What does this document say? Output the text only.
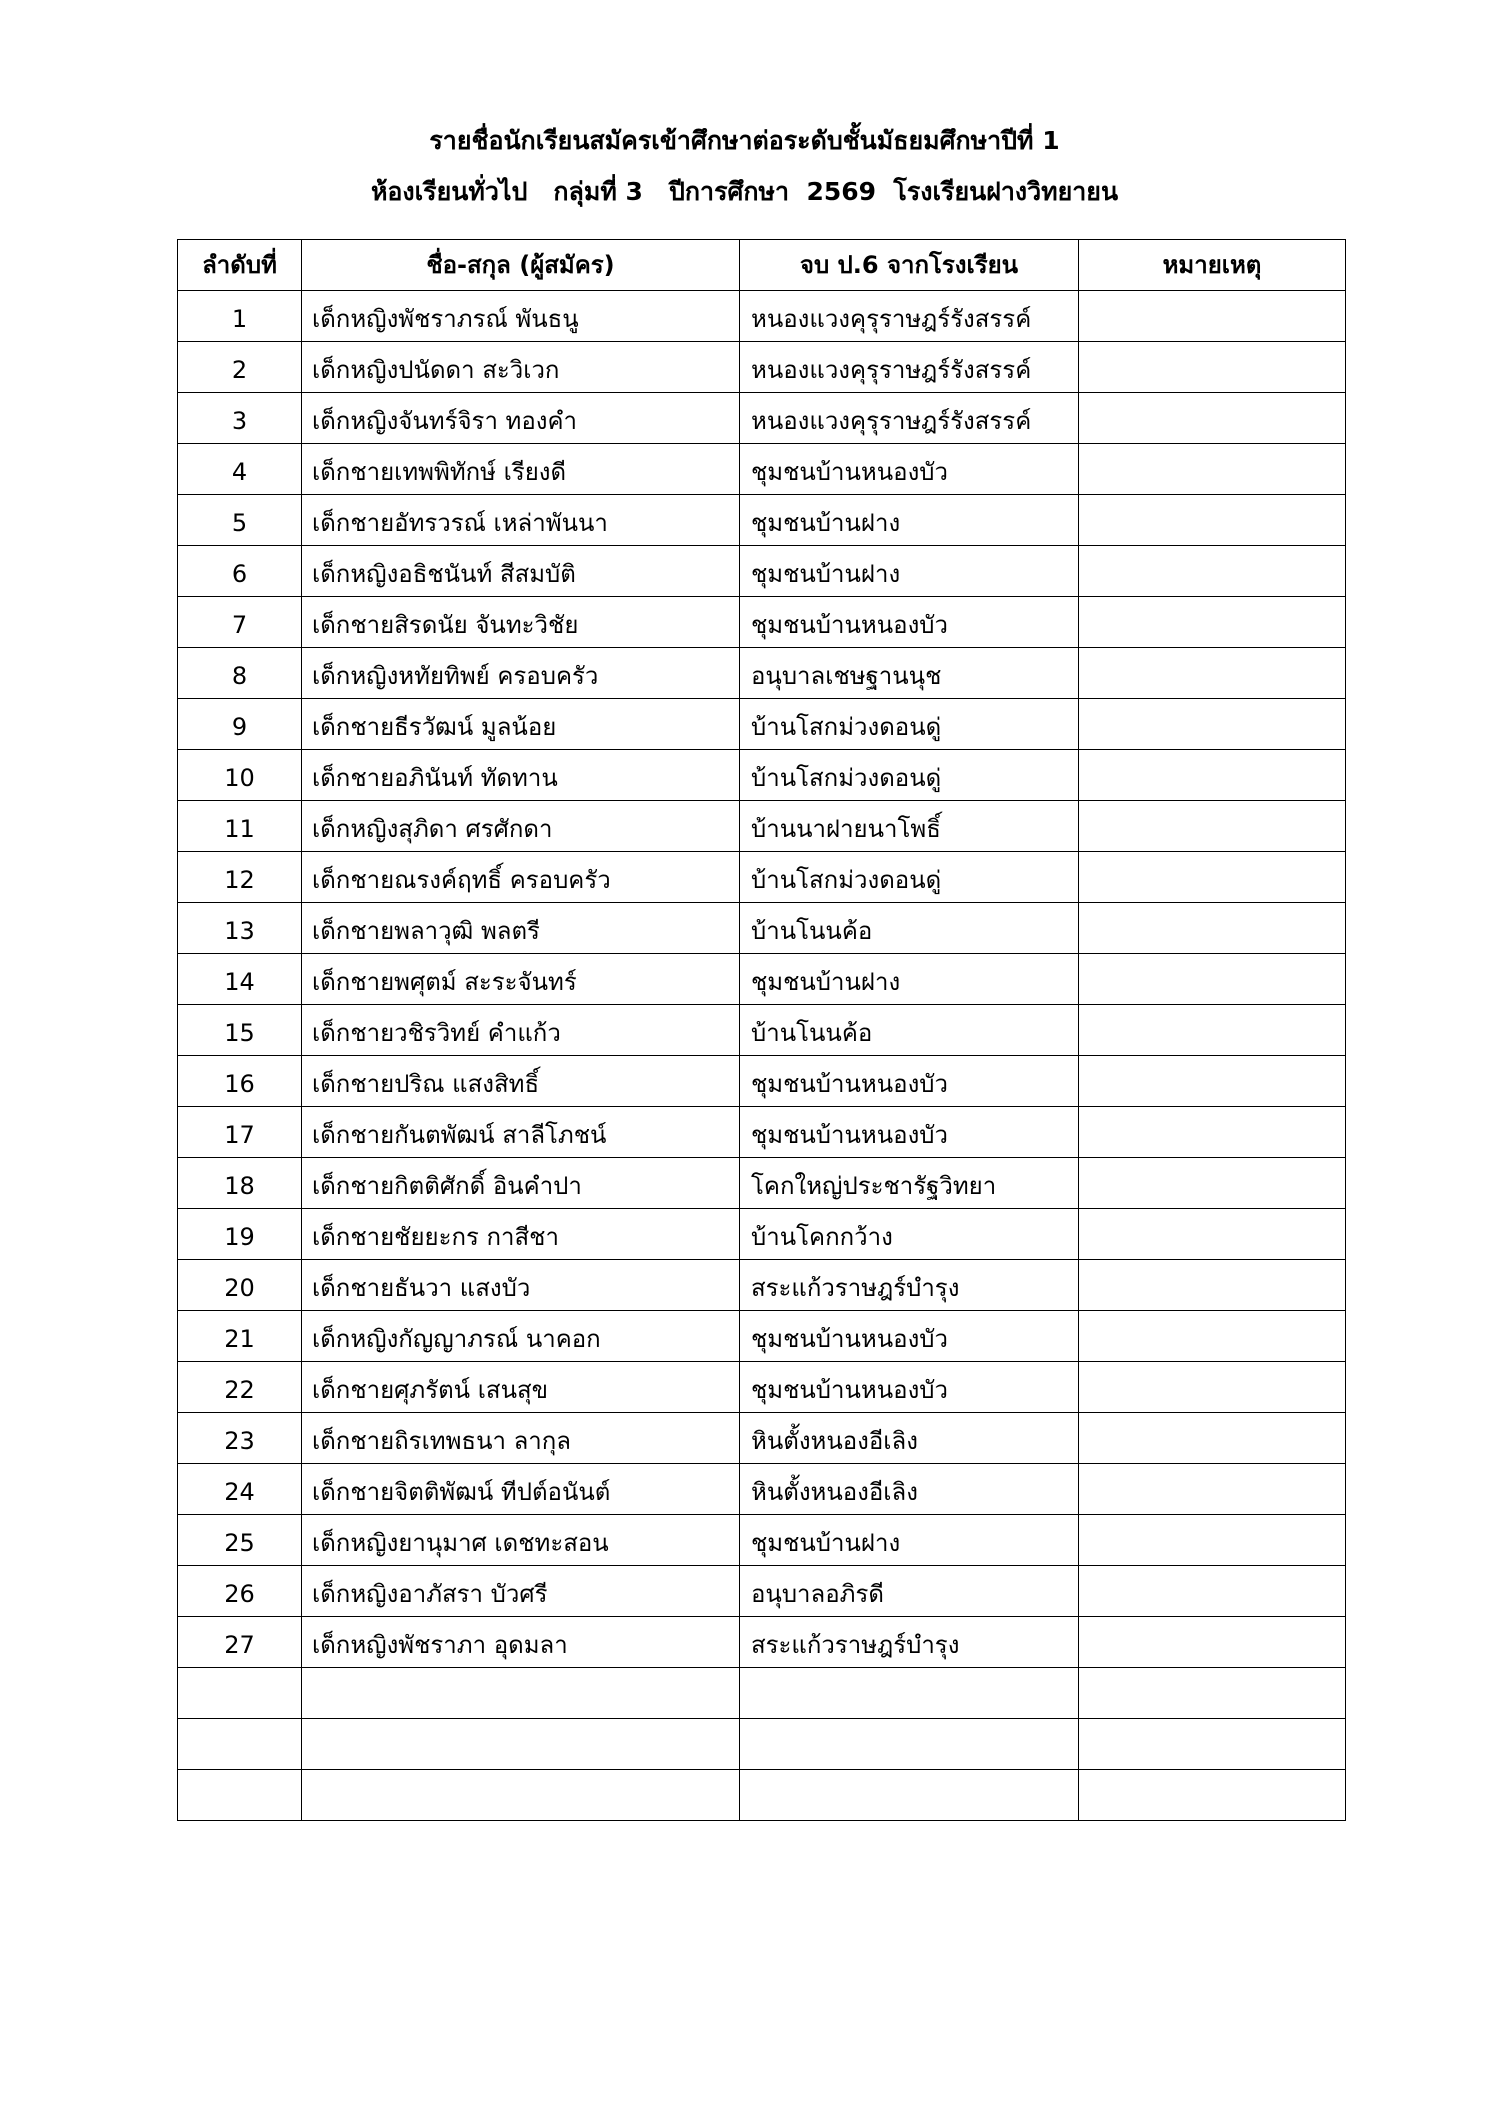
รายชื่อนักเรียนสมัครเข้าศึกษาต่อระดับชั้นมัธยมศึกษาปีที่ 1
ห้องเรียนทั่วไป   กลุ่มที่ 3   ปีการศึกษา  2569  โรงเรียนฝางวิทยายน
ลำดับที่	ชื่อ-สกุล (ผู้สมัคร)	จบ ป.6 จากโรงเรียน	หมายเหตุ
1	เด็กหญิงพัชราภรณ์ พันธนู	หนองแวงคุรุราษฎร์รังสรรค์	
2	เด็กหญิงปนัดดา สะวิเวก	หนองแวงคุรุราษฎร์รังสรรค์	
3	เด็กหญิงจันทร์จิรา ทองคำ	หนองแวงคุรุราษฎร์รังสรรค์	
4	เด็กชายเทพพิทักษ์ เรียงดี	ชุมชนบ้านหนองบัว	
5	เด็กชายอัทรวรณ์ เหล่าพันนา	ชุมชนบ้านฝาง	
6	เด็กหญิงอธิชนันท์ สีสมบัติ	ชุมชนบ้านฝาง	
7	เด็กชายสิรดนัย จันทะวิชัย	ชุมชนบ้านหนองบัว	
8	เด็กหญิงหทัยทิพย์ ครอบครัว	อนุบาลเชษฐานนุช	
9	เด็กชายธีรวัฒน์ มูลน้อย	บ้านโสกม่วงดอนดู่	
10	เด็กชายอภินันท์ ทัดทาน	บ้านโสกม่วงดอนดู่	
11	เด็กหญิงสุภิดา ศรศักดา	บ้านนาฝายนาโพธิ์	
12	เด็กชายณรงค์ฤทธิ์ ครอบครัว	บ้านโสกม่วงดอนดู่	
13	เด็กชายพลาวุฒิ พลตรี	บ้านโนนค้อ	
14	เด็กชายพศุตม์ สะระจันทร์	ชุมชนบ้านฝาง	
15	เด็กชายวชิรวิทย์ คำแก้ว	บ้านโนนค้อ	
16	เด็กชายปริณ แสงสิทธิ์	ชุมชนบ้านหนองบัว	
17	เด็กชายกันตพัฒน์ สาลีโภชน์	ชุมชนบ้านหนองบัว	
18	เด็กชายกิตติศักดิ์ อินคำปา	โคกใหญ่ประชารัฐวิทยา	
19	เด็กชายชัยยะกร กาสีชา	บ้านโคกกว้าง	
20	เด็กชายธันวา แสงบัว	สระแก้วราษฎร์บำรุง	
21	เด็กหญิงกัญญาภรณ์ นาคอก	ชุมชนบ้านหนองบัว	
22	เด็กชายศุภรัตน์ เสนสุข	ชุมชนบ้านหนองบัว	
23	เด็กชายถิรเทพธนา ลากุล	หินตั้งหนองอีเลิง	
24	เด็กชายจิตติพัฒน์ ทีปต์อนันต์	หินตั้งหนองอีเลิง	
25	เด็กหญิงยานุมาศ เดชทะสอน	ชุมชนบ้านฝาง	
26	เด็กหญิงอาภัสรา บัวศรี	อนุบาลอภิรดี	
27	เด็กหญิงพัชราภา อุดมลา	สระแก้วราษฎร์บำรุง	
